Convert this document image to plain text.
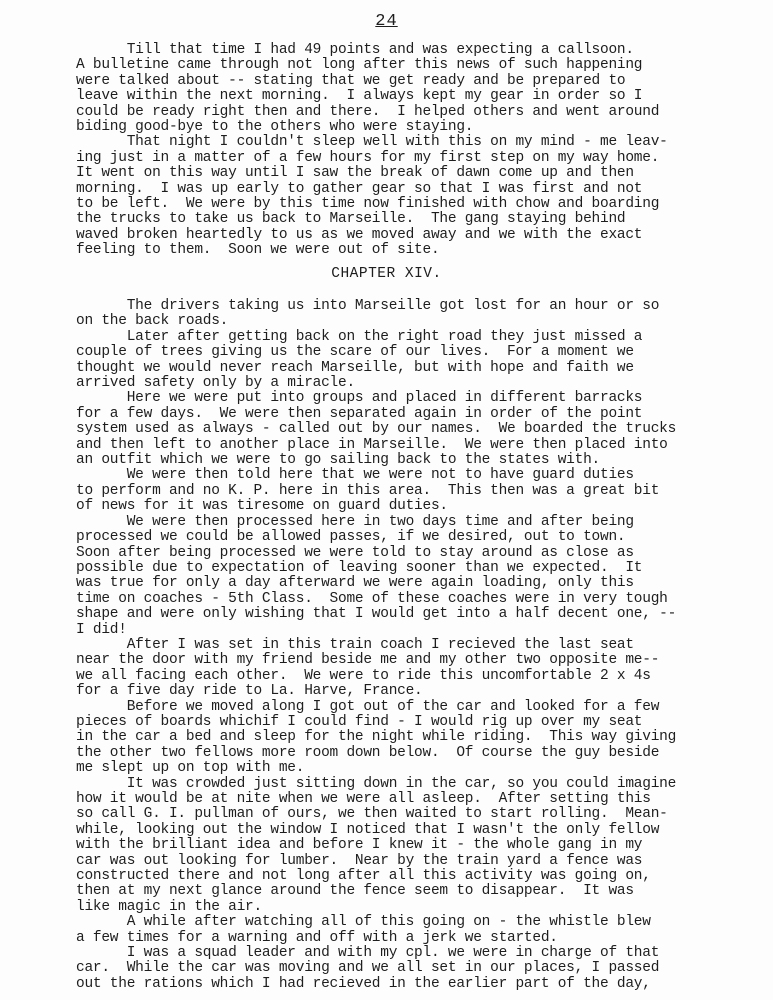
24
Till that time I had 49 points and was expecting a callsoon.
A bulletine came through not long after this news of such happening
were talked about -- stating that we get ready and be prepared to
leave within the next morning.  I always kept my gear in order so I
could be ready right then and there.  I helped others and went around
biding good-bye to the others who were staying.
That night I couldn't sleep well with this on my mind - me leav-
ing just in a matter of a few hours for my first step on my way home.
It went on this way until I saw the break of dawn come up and then
morning.  I was up early to gather gear so that I was first and not
to be left.  We were by this time now finished with chow and boarding
the trucks to take us back to Marseille.  The gang staying behind
waved broken heartedly to us as we moved away and we with the exact
feeling to them.  Soon we were out of site.
CHAPTER XIV.
The drivers taking us into Marseille got lost for an hour or so
on the back roads.
Later after getting back on the right road they just missed a
couple of trees giving us the scare of our lives.  For a moment we
thought we would never reach Marseille, but with hope and faith we
arrived safety only by a miracle.
Here we were put into groups and placed in different barracks
for a few days.  We were then separated again in order of the point
system used as always - called out by our names.  We boarded the trucks
and then left to another place in Marseille.  We were then placed into
an outfit which we were to go sailing back to the states with.
We were then told here that we were not to have guard duties
to perform and no K. P. here in this area.  This then was a great bit
of news for it was tiresome on guard duties.
We were then processed here in two days time and after being
processed we could be allowed passes, if we desired, out to town.
Soon after being processed we were told to stay around as close as
possible due to expectation of leaving sooner than we expected.  It
was true for only a day afterward we were again loading, only this
time on coaches - 5th Class.  Some of these coaches were in very tough
shape and were only wishing that I would get into a half decent one, --
I did!
After I was set in this train coach I recieved the last seat
near the door with my friend beside me and my other two opposite me--
we all facing each other.  We were to ride this uncomfortable 2 x 4s
for a five day ride to La. Harve, France.
Before we moved along I got out of the car and looked for a few
pieces of boards whichif I could find - I would rig up over my seat
in the car a bed and sleep for the night while riding.  This way giving
the other two fellows more room down below.  Of course the guy beside
me slept up on top with me.
It was crowded just sitting down in the car, so you could imagine
how it would be at nite when we were all asleep.  After setting this
so call G. I. pullman of ours, we then waited to start rolling.  Mean-
while, looking out the window I noticed that I wasn't the only fellow
with the brilliant idea and before I knew it - the whole gang in my
car was out looking for lumber.  Near by the train yard a fence was
constructed there and not long after all this activity was going on,
then at my next glance around the fence seem to disappear.  It was
like magic in the air.
A while after watching all of this going on - the whistle blew
a few times for a warning and off with a jerk we started.
I was a squad leader and with my cpl. we were in charge of that
car.  While the car was moving and we all set in our places, I passed
out the rations which I had recieved in the earlier part of the day,
